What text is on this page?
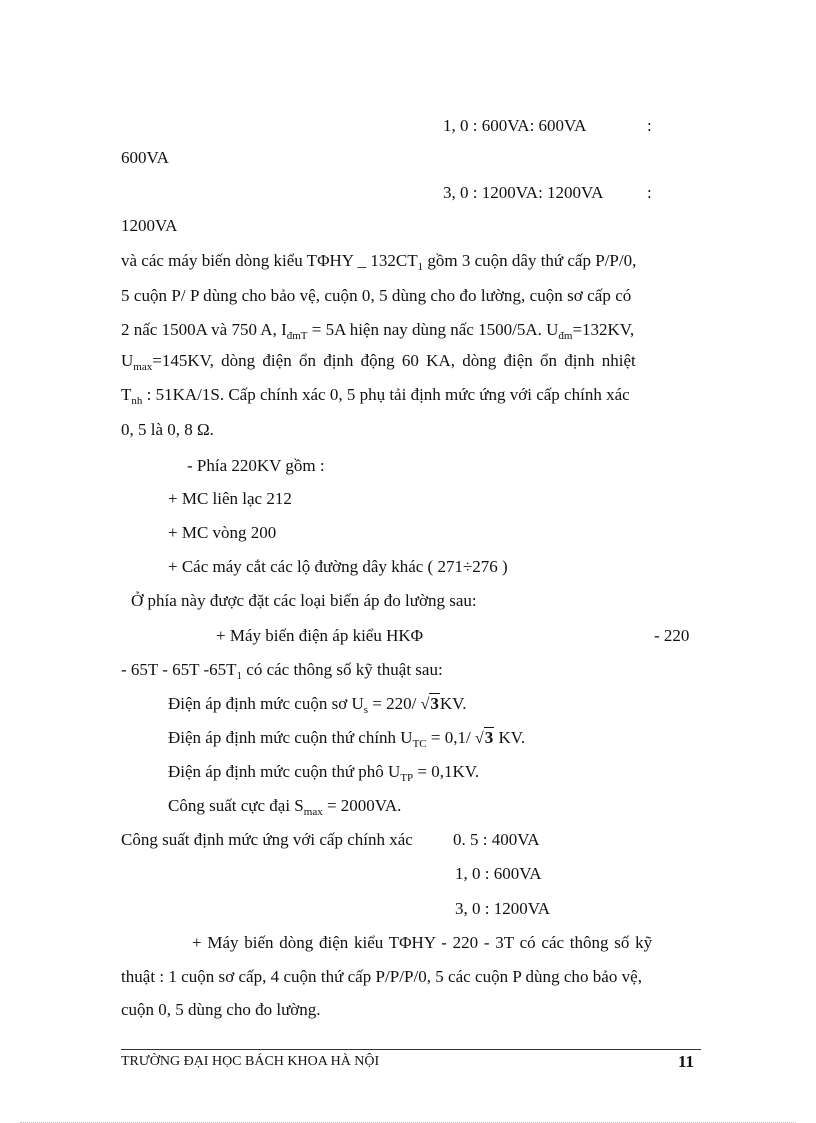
1, 0 : 600VA: 600VA	:
600VA
3, 0 : 1200VA: 1200VA	:
1200VA
và các máy biến dòng kiểu TΦHY _ $132CT_1$ gồm 3 cuộn dây thứ cấp P/P/0,
5 cuộn P/ P dùng cho bảo vệ, cuộn 0, 5 dùng cho đo lường, cuộn sơ cấp có
2 nấc 1500A và 750 A, $I_{đmT} = 5A$ hiện nay dùng nấc 1500/5A. $U_{đm}=132KV$,
$U_{max}=145KV$, dòng điện ổn định động 60 KA, dòng điện ổn định nhiệt
$T_{nh}$ : 51KA/1S. Cấp chính xác 0, 5 phụ tải định mức ứng với cấp chính xác
0, 5 là 0, 8 Ω.
- Phía 220KV gồm :
+ MC liên lạc 212
+ MC vòng 200
+ Các máy cắt các lộ đường dây khác ( 271÷276 )
Ở phía này được đặt các loại biến áp đo lường sau:
+ Máy biến điện áp kiểu HKΦ	- 220
- 65T - 65T $-65T_1$ có các thông số kỹ thuật sau:
Điện áp định mức cuộn sơ $U_s = 220/$ √3KV.
Điện áp định mức cuộn thứ chính $U_{TC} = 0,1/$ √3 KV.
Điện áp định mức cuộn thứ phô $U_{TP} = 0,1KV$.
Công suất cực đại $S_{max} = 2000VA$.
Công suất định mức ứng với cấp chính xác 0. 5 : 400VA
1, 0 : 600VA
3, 0 : 1200VA
+ Máy biến dòng điện kiểu TΦHY - 220 - 3T có các thông số kỹ
thuật : 1 cuộn sơ cấp, 4 cuộn thứ cấp P/P/P/0, 5 các cuộn P dùng cho bảo vệ,
cuộn 0, 5 dùng cho đo lường.
TRƯỜNG ĐẠI HỌC BÁCH KHOA HÀ NỘI	11
